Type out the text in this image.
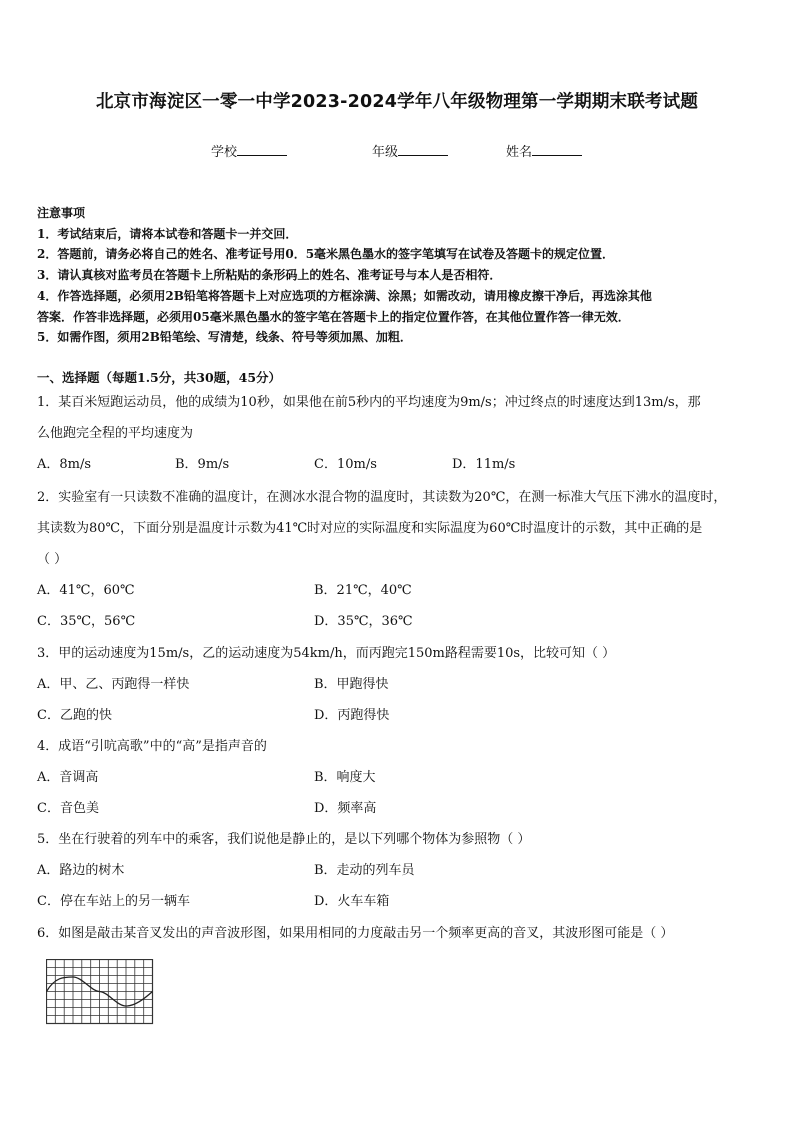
北京市海淀区一零一中学2023-2024学年八年级物理第一学期期末联考试题
学校	年级	姓名
注意事项
1．考试结束后，请将本试卷和答题卡一并交回．
2．答题前，请务必将自己的姓名、准考证号用0．5毫米黑色墨水的签字笔填写在试卷及答题卡的规定位置．
3．请认真核对监考员在答题卡上所粘贴的条形码上的姓名、准考证号与本人是否相符．
4．作答选择题，必须用2B铅笔将答题卡上对应选项的方框涂满、涂黑；如需改动，请用橡皮擦干净后，再选涂其他
答案．作答非选择题，必须用05毫米黑色墨水的签字笔在答题卡上的指定位置作答，在其他位置作答一律无效．
5．如需作图，须用2B铅笔绘、写清楚，线条、符号等须加黑、加粗．
一、选择题（每题1.5分，共30题，45分）
1．某百米短跑运动员，他的成绩为10秒，如果他在前5秒内的平均速度为9m/s；冲过终点的时速度达到13m/s，那
么他跑完全程的平均速度为
A．8m/s	B．9m/s	C．10m/s	D．11m/s
2．实验室有一只读数不准确的温度计，在测冰水混合物的温度时，其读数为20℃，在测一标准大气压下沸水的温度时，
其读数为80℃，下面分别是温度计示数为41℃时对应的实际温度和实际温度为60℃时温度计的示数，其中正确的是
（ ）
A．41℃，60℃	B．21℃，40℃
C．35℃，56℃	D．35℃，36℃
3．甲的运动速度为15m/s，乙的运动速度为54km/h，而丙跑完150m路程需要10s，比较可知（ ）
A．甲、乙、丙跑得一样快	B．甲跑得快
C．乙跑的快	D．丙跑得快
4．成语“引吭高歌”中的“高”是指声音的
A．音调高	B．响度大
C．音色美	D．频率高
5．坐在行驶着的列车中的乘客，我们说他是静止的，是以下列哪个物体为参照物（ ）
A．路边的树木	B．走动的列车员
C．停在车站上的另一辆车	D．火车车箱
6．如图是敲击某音叉发出的声音波形图，如果用相同的力度敲击另一个频率更高的音叉，其波形图可能是（ ）
